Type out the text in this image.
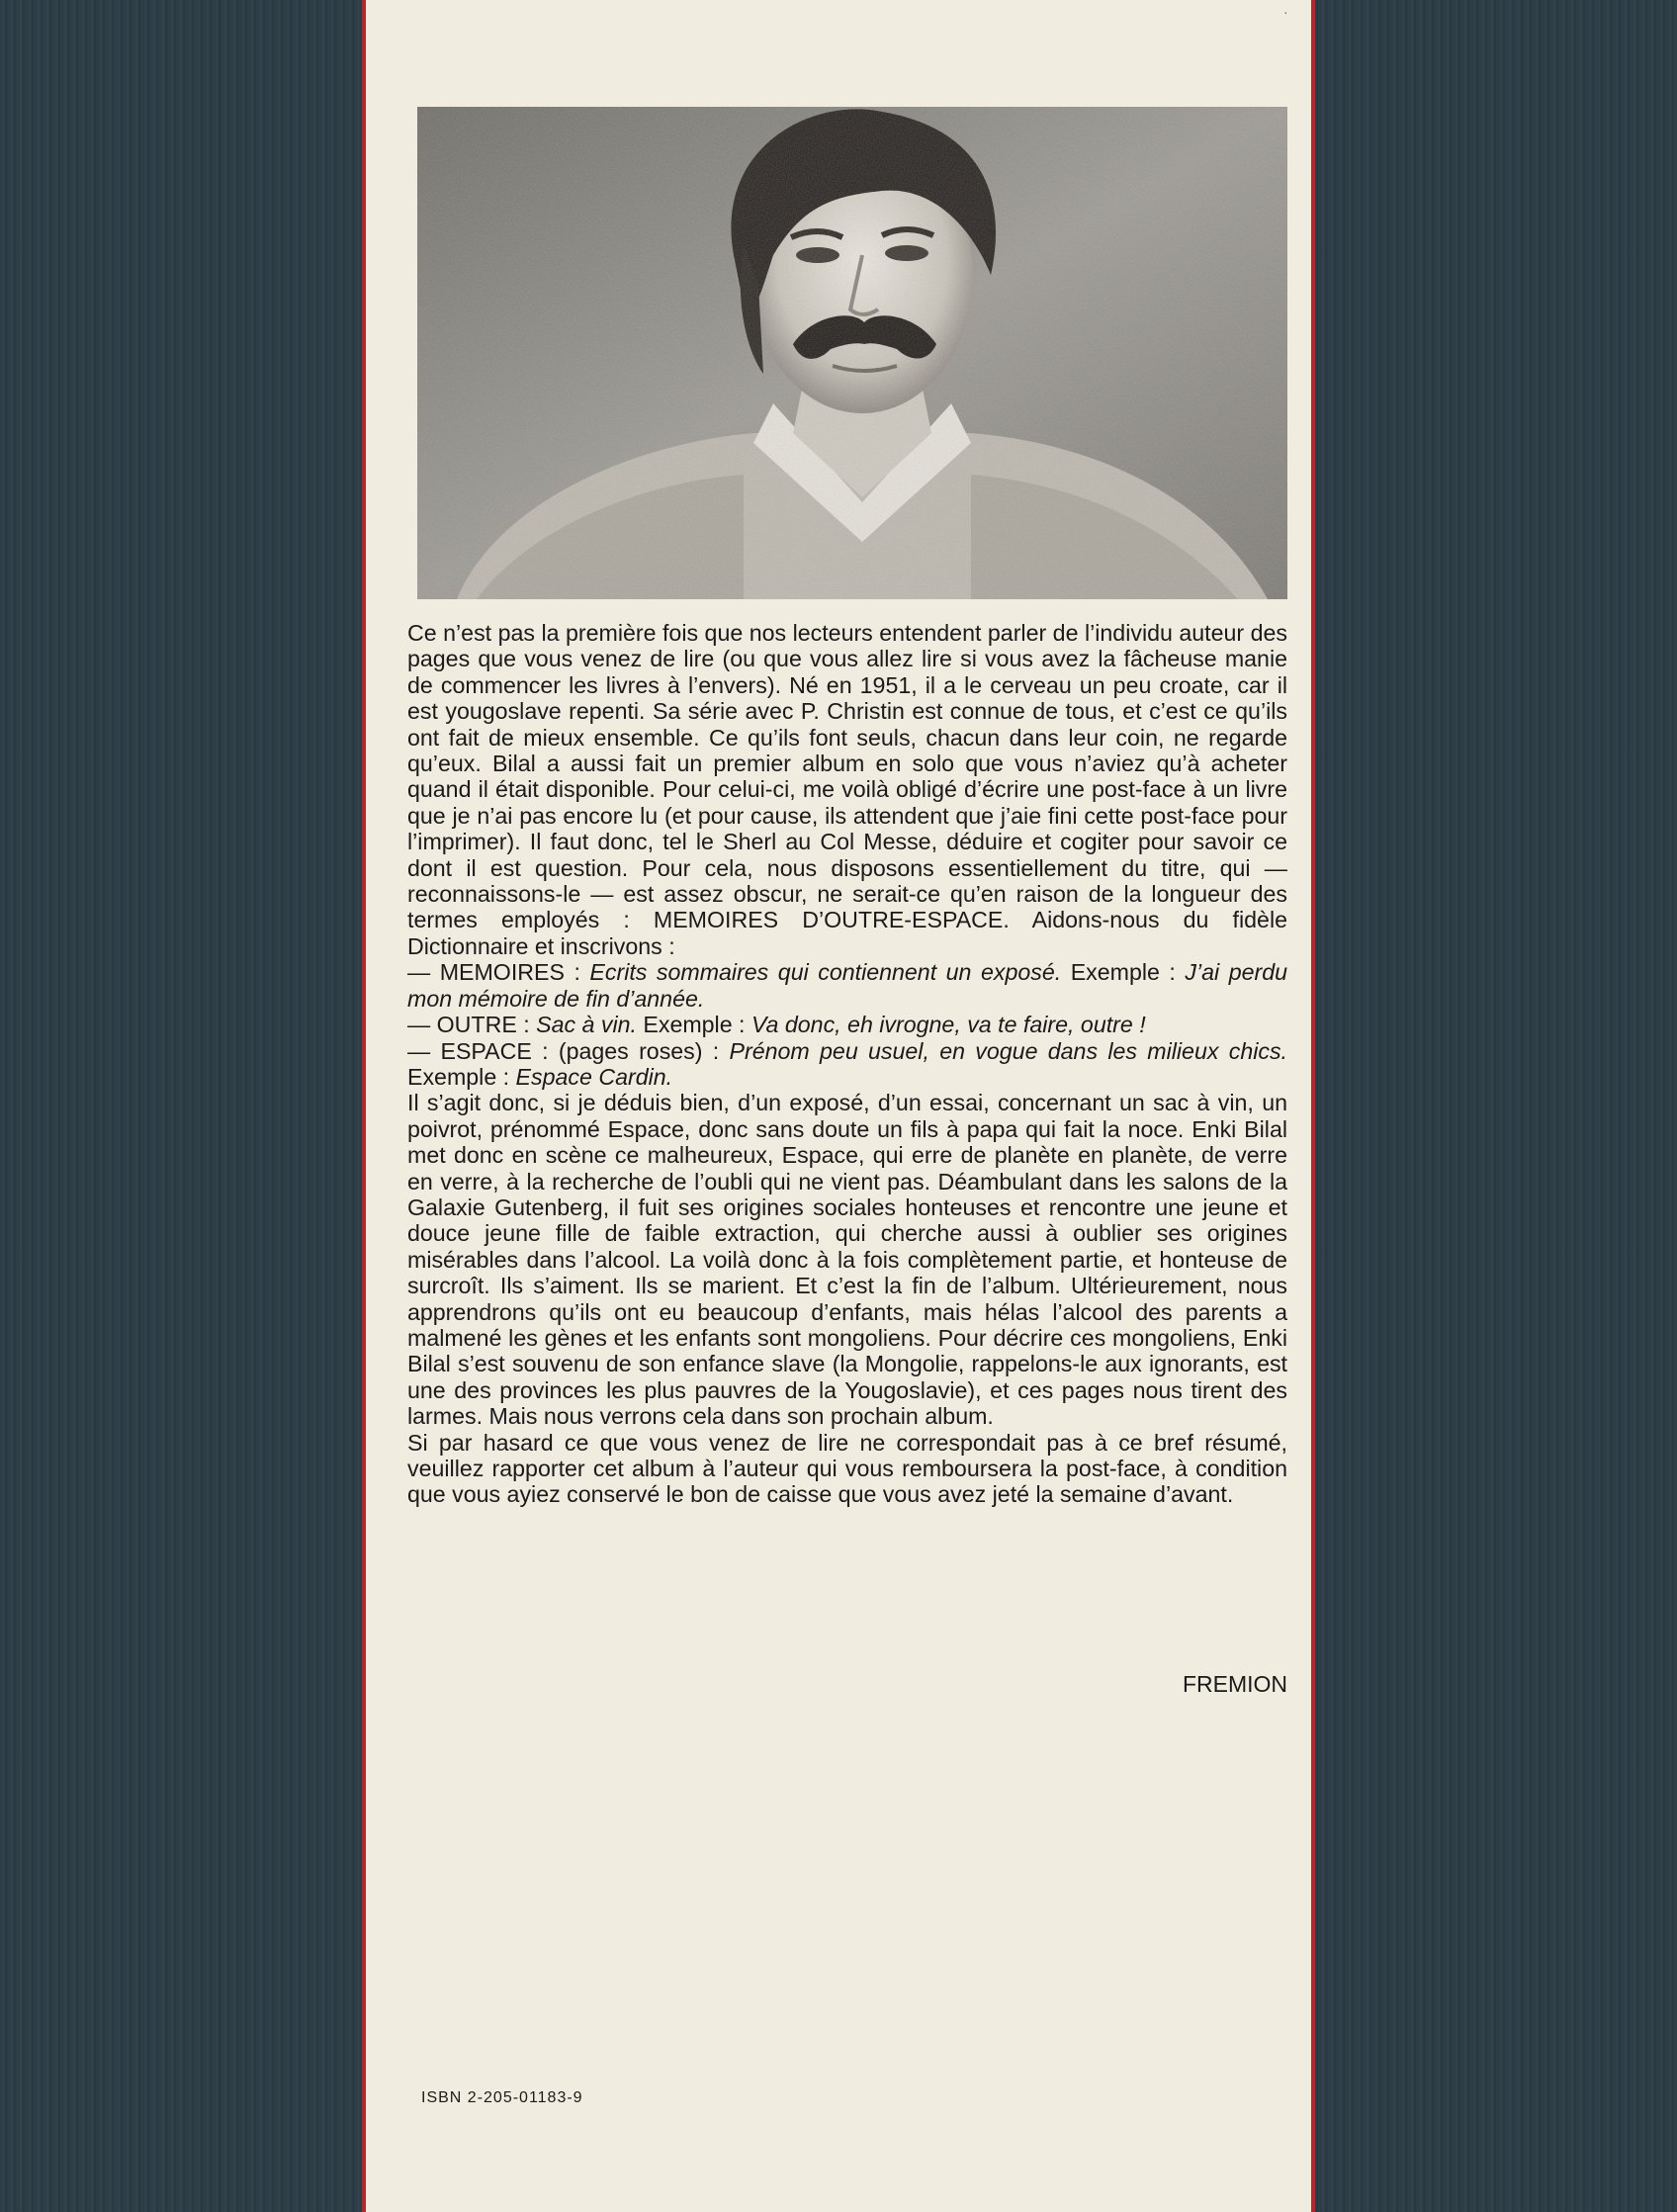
·

Ce n’est pas la première fois que nos lecteurs entendent parler de l’individu auteur des pages que vous venez de lire (ou que vous allez lire si vous avez la fâcheuse manie de commencer les livres à l’envers). Né en 1951, il a le cerveau un peu croate, car il est yougoslave repenti. Sa série avec P. Christin est connue de tous, et c’est ce qu’ils ont fait de mieux ensemble. Ce qu’ils font seuls, chacun dans leur coin, ne regarde qu’eux. Bilal a aussi fait un premier album en solo que vous n’aviez qu’à acheter quand il était disponible. Pour celui-ci, me voilà obligé d’écrire une post-face à un livre que je n’ai pas encore lu (et pour cause, ils attendent que j’aie fini cette post-face pour l’imprimer). Il faut donc, tel le Sherl au Col Messe, déduire et cogiter pour savoir ce dont il est question. Pour cela, nous disposons essentiellement du titre, qui — reconnaissons-le — est assez obscur, ne serait-ce qu’en raison de la longueur des termes employés : MEMOIRES D’OUTRE-ESPACE. Aidons-nous du fidèle Dictionnaire et inscrivons :

— MEMOIRES : Ecrits sommaires qui contiennent un exposé. Exemple : J’ai perdu mon mémoire de fin d’année.

— OUTRE : Sac à vin. Exemple : Va donc, eh ivrogne, va te faire, outre !

— ESPACE : (pages roses) : Prénom peu usuel, en vogue dans les milieux chics. Exemple : Espace Cardin.

Il s’agit donc, si je déduis bien, d’un exposé, d’un essai, concernant un sac à vin, un poivrot, prénommé Espace, donc sans doute un fils à papa qui fait la noce. Enki Bilal met donc en scène ce malheureux, Espace, qui erre de planète en planète, de verre en verre, à la recherche de l’oubli qui ne vient pas. Déambulant dans les salons de la Galaxie Gutenberg, il fuit ses origines sociales honteuses et rencontre une jeune et douce jeune fille de faible extraction, qui cherche aussi à oublier ses origines misérables dans l’alcool. La voilà donc à la fois complètement partie, et honteuse de surcroît. Ils s’aiment. Ils se marient. Et c’est la fin de l’album. Ultérieurement, nous apprendrons qu’ils ont eu beaucoup d’enfants, mais hélas l’alcool des parents a malmené les gènes et les enfants sont mongoliens. Pour décrire ces mongoliens, Enki Bilal s’est souvenu de son enfance slave (la Mongolie, rappelons-le aux ignorants, est une des provinces les plus pauvres de la Yougoslavie), et ces pages nous tirent des larmes. Mais nous verrons cela dans son prochain album.

Si par hasard ce que vous venez de lire ne correspondait pas à ce bref résumé, veuillez rapporter cet album à l’auteur qui vous remboursera la post-face, à condition que vous ayiez conservé le bon de caisse que vous avez jeté la semaine d’avant.

FREMION
ISBN 2-205-01183-9
